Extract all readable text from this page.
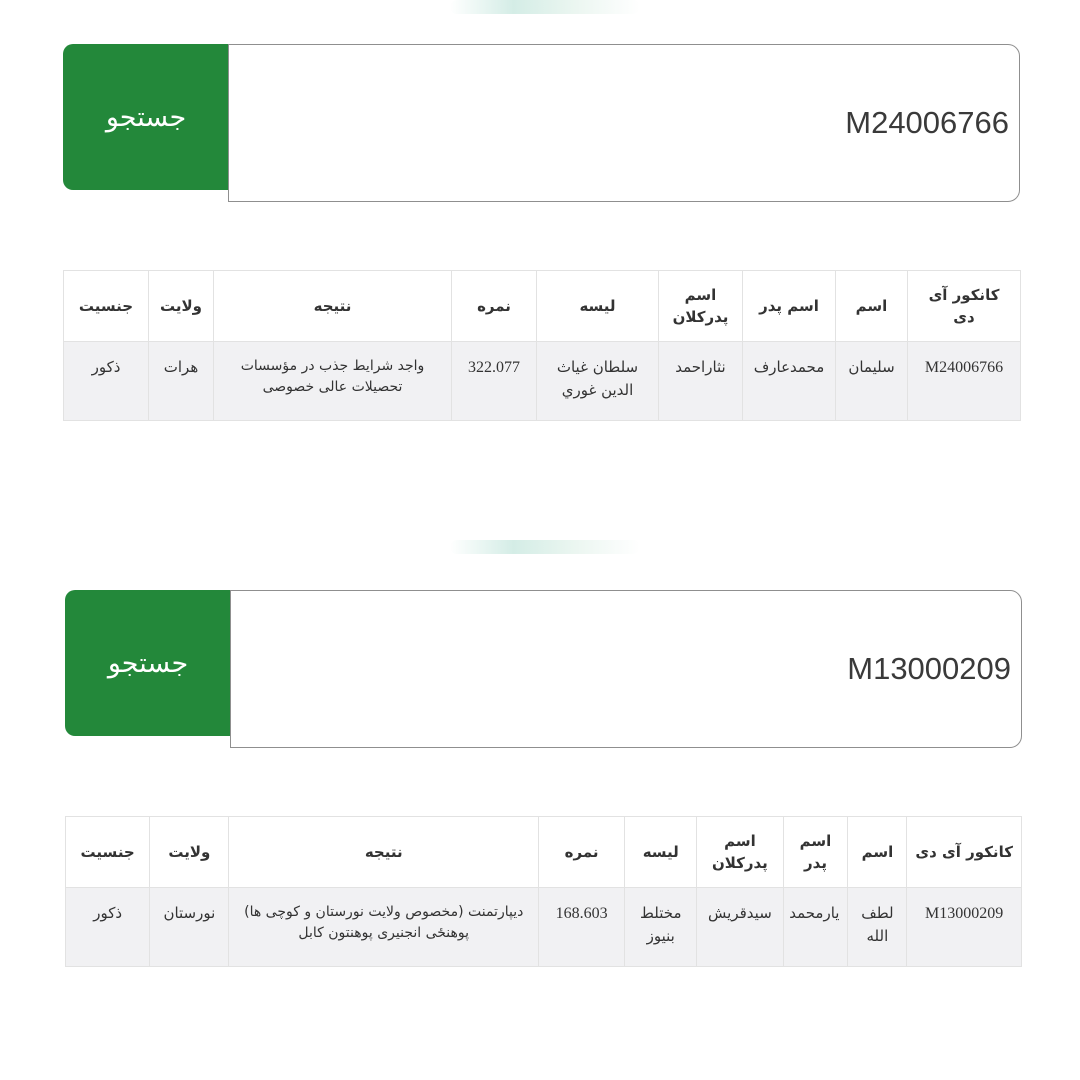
جستجو	M24006766
کانکور آی دی	اسم	اسم پدر	اسم پدرکلان	لیسه	نمره	نتیجه	ولایت	جنسیت
M24006766	سلیمان	محمدعارف	نثاراحمد	سلطان غیاث الدین غوري	322.077	واجد شرایط جذب در مؤسسات تحصیلات عالی خصوصی	هرات	ذکور
جستجو	M13000209
کانکور آی دی	اسم	اسم پدر	اسم پدرکلان	لیسه	نمره	نتیجه	ولایت	جنسیت
M13000209	لطف الله	یارمحمد	سیدقریش	مختلط بنیوز	168.603	دیپارتمنت (مخصوص ولایت نورستان و کوچی ها) پوهنځی انجنیری پوهنتون کابل	نورستان	ذکور
